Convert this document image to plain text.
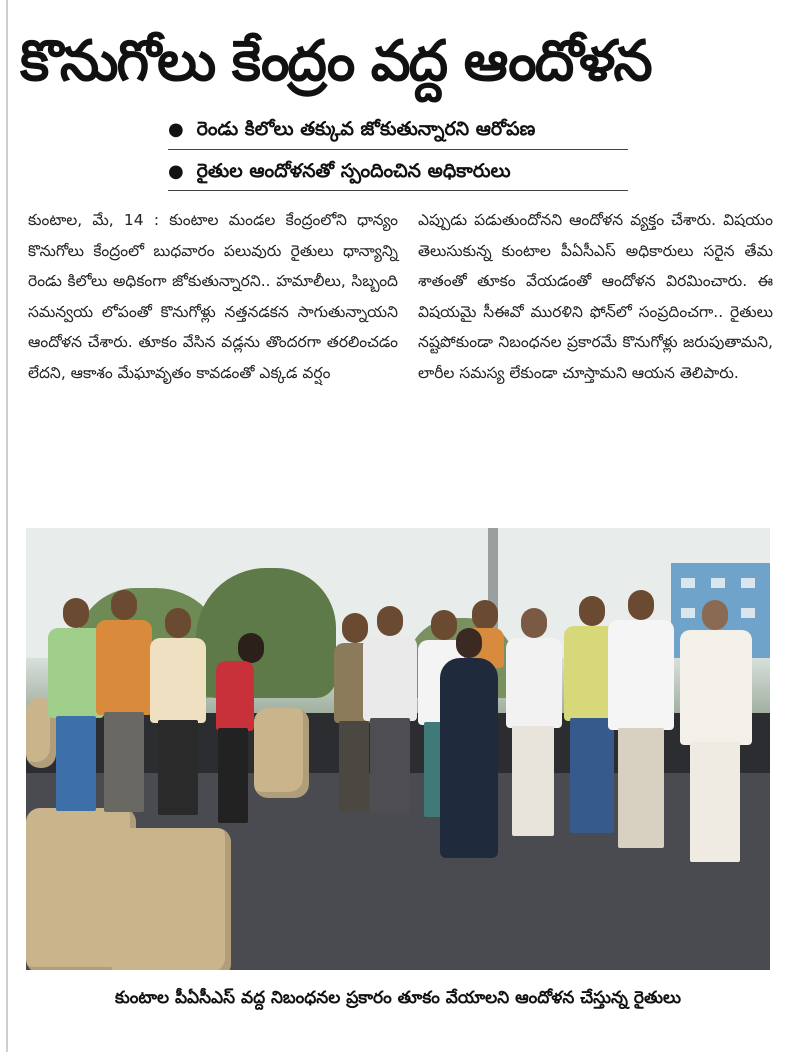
కొనుగోలు కేంద్రం వద్ద ఆందోళన
● రెండు కిలోలు తక్కువ జోకుతున్నారని ఆరోపణ
● రైతుల ఆందోళనతో స్పందించిన అధికారులు

కుంటాల, మే, 14 : కుంటాల మండల కేంద్రంలోని ధాన్యం కొనుగోలు కేంద్రంలో బుధవారం పలువురు రైతులు ధాన్యాన్ని రెండు కిలోలు అధికంగా జోకుతున్నారని.. హమాలీలు, సిబ్బంది సమన్వయ లోపంతో కొనుగోళ్లు నత్తనడకన సాగుతున్నాయని ఆందోళన చేశారు. తూకం వేసిన వడ్లను తొందరగా తరలించడం లేదని, ఆకాశం మేఘావృతం కావడంతో ఎక్కడ వర్షం

ఎప్పుడు పడుతుందోనని ఆందోళన వ్యక్తం చేశారు. విషయం తెలుసుకున్న కుంటాల పీఏసీఎస్ అధికారులు సరైన తేమ శాతంతో తూకం వేయడంతో ఆందోళన విరమించారు. ఈ విషయమై సీఈవో మురళిని ఫోన్‌లో సంప్రదించగా.. రైతులు నష్టపోకుండా నిబంధనల ప్రకారమే కొనుగోళ్లు జరుపుతామని, లారీల సమస్య లేకుండా చూస్తామని ఆయన తెలిపారు.

కుంటాల పీఏసీఎస్ వద్ద నిబంధనల ప్రకారం తూకం వేయాలని ఆందోళన చేస్తున్న రైతులు
